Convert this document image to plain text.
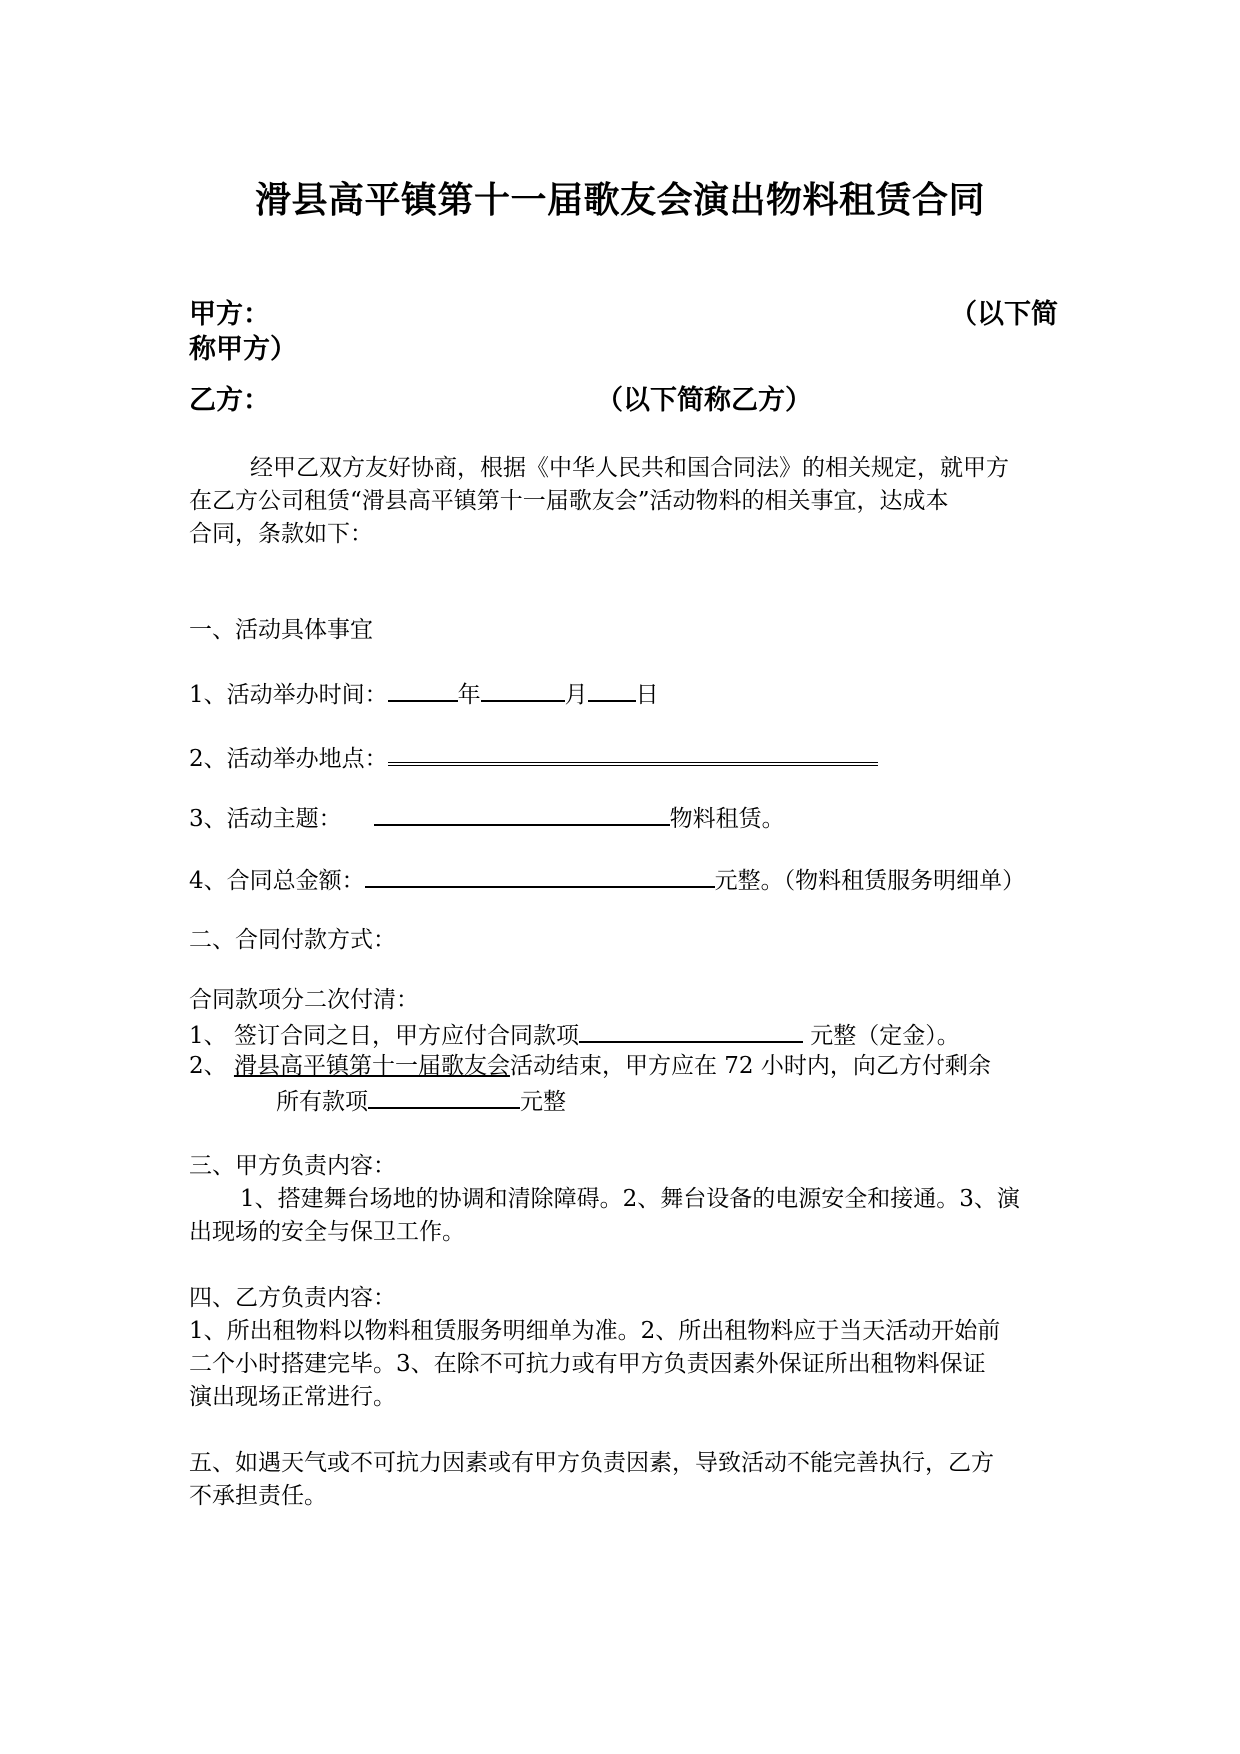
滑县高平镇第十一届歌友会演出物料租赁合同
甲方：	（以下简
称甲方）
乙方：	（以下简称乙方）
经甲乙双方友好协商，根据《中华人民共和国合同法》的相关规定，就甲方
在乙方公司租赁“滑县高平镇第十一届歌友会”活动物料的相关事宜，达成本
合同，条款如下：
一、活动具体事宜
1、活动举办时间：	年	月 日
2、活动举办地点：
3、活动主题：	物料租赁。
4、合同总金额：	元整。（物料租赁服务明细单）
二、合同付款方式：
合同款项分二次付清：
1、 签订合同之日，甲方应付合同款项	元整（定金）。
2、 滑县高平镇第十一届歌友会活动结束，甲方应在 72 小时内，向乙方付剩余
所有款项	元整
三、甲方负责内容：
1、搭建舞台场地的协调和清除障碍。2、舞台设备的电源安全和接通。3、演
出现场的安全与保卫工作。
四、乙方负责内容：
1、所出租物料以物料租赁服务明细单为准。2、所出租物料应于当天活动开始前
二个小时搭建完毕。3、在除不可抗力或有甲方负责因素外保证所出租物料保证
演出现场正常进行。
五、如遇天气或不可抗力因素或有甲方负责因素，导致活动不能完善执行，乙方
不承担责任。
